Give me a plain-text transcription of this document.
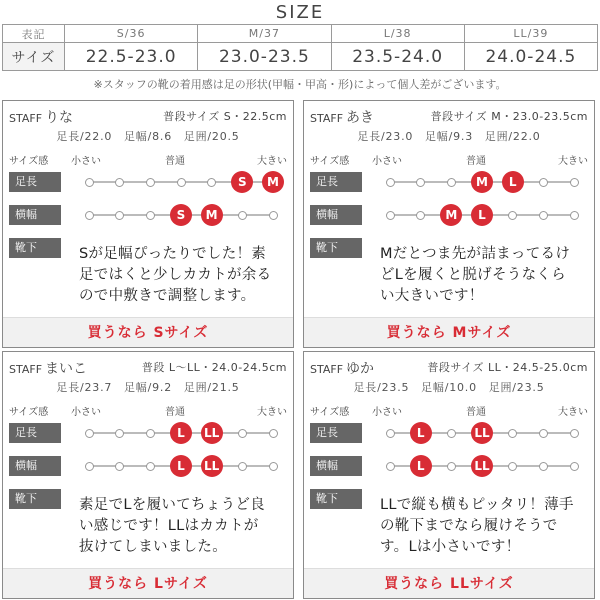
SIZE
表記	S/36	M/37	L/38	LL/39
サイズ	22.5-23.0	23.0-23.5	23.5-24.0	24.0-24.5
※スタッフの靴の着用感は足の形状(甲幅・甲高・形)によって個人差がございます。
STAFF りな	普段サイズ S・22.5cm
足長/22.0　足幅/8.6　足囲/20.5
サイズ感 小さい	普通	大きい
足長	S	M
横幅	S	M
靴下	Sが足幅ぴったりでした！素
足ではくと少しカカトが余る
ので中敷きで調整します。
買うなら Sサイズ
STAFF あき	普段サイズ M・23.0-23.5cm
足長/23.0　足幅/9.3　足囲/22.0
サイズ感 小さい	普通	大きい
足長	M	L
横幅	M	L
靴下	Mだとつま先が詰まってるけ
どLを履くと脱げそうなくら
い大きいです！
買うなら Mサイズ
STAFF まいこ	普段 L〜LL・24.0-24.5cm
足長/23.7　足幅/9.2　足囲/21.5
サイズ感 小さい	普通	大きい
足長	L	LL
横幅	L	LL
靴下	素足でLを履いてちょうど良
い感じです！LLはカカトが
抜けてしまいました。
買うなら Lサイズ
STAFF ゆか	普段サイズ LL・24.5-25.0cm
足長/23.5　足幅/10.0　足囲/23.5
サイズ感 小さい	普通	大きい
足長	L	LL
横幅	L	LL
靴下	LLで縦も横もピッタリ！薄手
の靴下までなら履けそうで
す。Lは小さいです！
買うなら LLサイズ
